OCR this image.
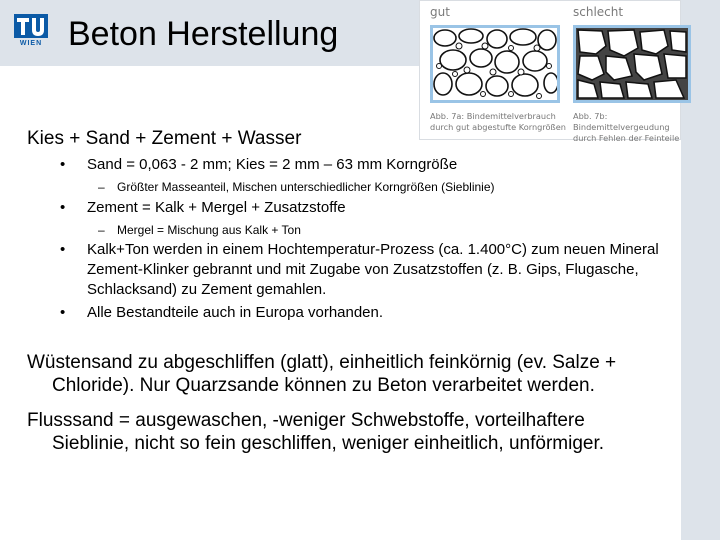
WIEN Beton Herstellung
gut	schlecht
Abb. 7a: Bindemittelverbrauch
durch gut abgestufte Korngrößen
Abb. 7b: Bindemittelvergeudung
durch Fehlen der Feinteile
Kies + Sand + Zement + Wasser
• Sand = 0,063 - 2 mm; Kies = 2 mm – 63 mm Korngröße
– Größter Masseanteil, Mischen unterschiedlicher Korngrößen (Sieblinie)
• Zement = Kalk + Mergel + Zusatzstoffe
– Mergel = Mischung aus Kalk + Ton
• Kalk+Ton werden in einem Hochtemperatur-Prozess (ca. 1.400°C) zum neuen Mineral Zement-Klinker gebrannt und mit Zugabe von Zusatzstoffen (z. B. Gips, Flugasche, Schlacksand) zu Zement gemahlen.
• Alle Bestandteile auch in Europa vorhanden.
Wüstensand zu abgeschliffen (glatt), einheitlich feinkörnig (ev. Salze +
Chloride). Nur Quarzsande können zu Beton verarbeitet werden.
Flusssand = ausgewaschen, -weniger Schwebstoffe, vorteilhaftere
Sieblinie, nicht so fein geschliffen, weniger einheitlich, unförmiger.
